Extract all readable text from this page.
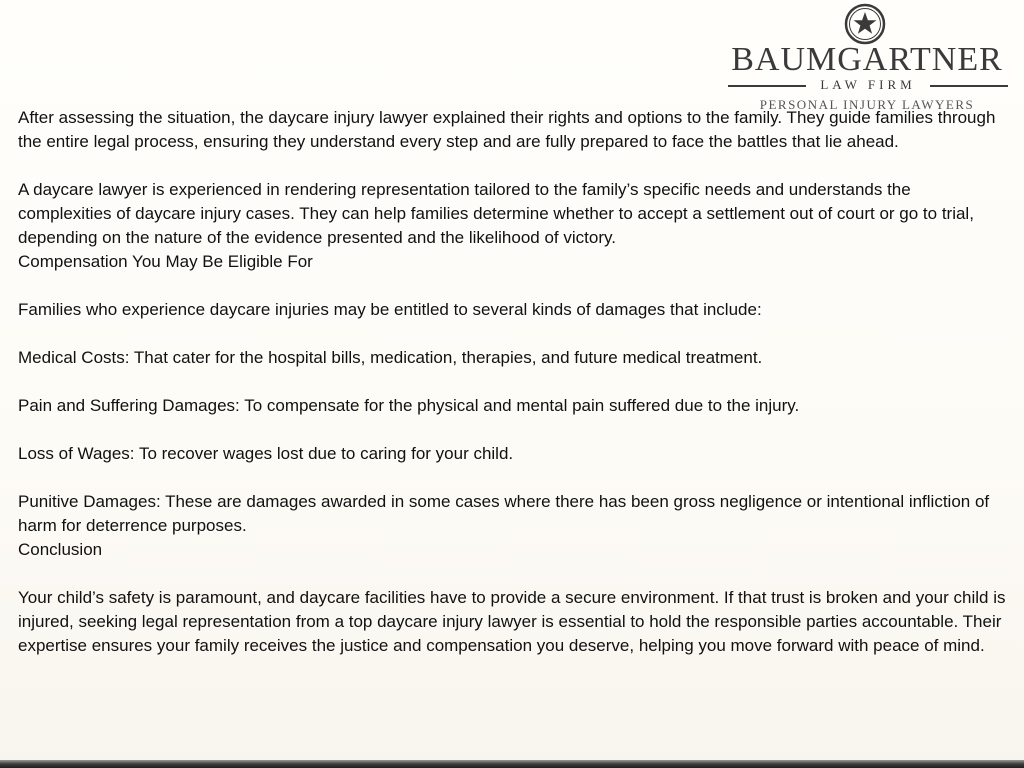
BAUMGARTNER
LAW FIRM
PERSONAL INJURY LAWYERS

After assessing the situation, the daycare injury lawyer explained their rights and options to the family. They guide families through the entire legal process, ensuring they understand every step and are fully prepared to face the battles that lie ahead.

A daycare lawyer is experienced in rendering representation tailored to the family’s specific needs and understands the complexities of daycare injury cases. They can help families determine whether to accept a settlement out of court or go to trial, depending on the nature of the evidence presented and the likelihood of victory.

Compensation You May Be Eligible For

Families who experience daycare injuries may be entitled to several kinds of damages that include:

Medical Costs: That cater for the hospital bills, medication, therapies, and future medical treatment.

Pain and Suffering Damages: To compensate for the physical and mental pain suffered due to the injury.

Loss of Wages: To recover wages lost due to caring for your child.

Punitive Damages: These are damages awarded in some cases where there has been gross negligence or intentional infliction of harm for deterrence purposes.

Conclusion

Your child’s safety is paramount, and daycare facilities have to provide a secure environment. If that trust is broken and your child is injured, seeking legal representation from a top daycare injury lawyer is essential to hold the responsible parties accountable. Their expertise ensures your family receives the justice and compensation you deserve, helping you move forward with peace of mind.
